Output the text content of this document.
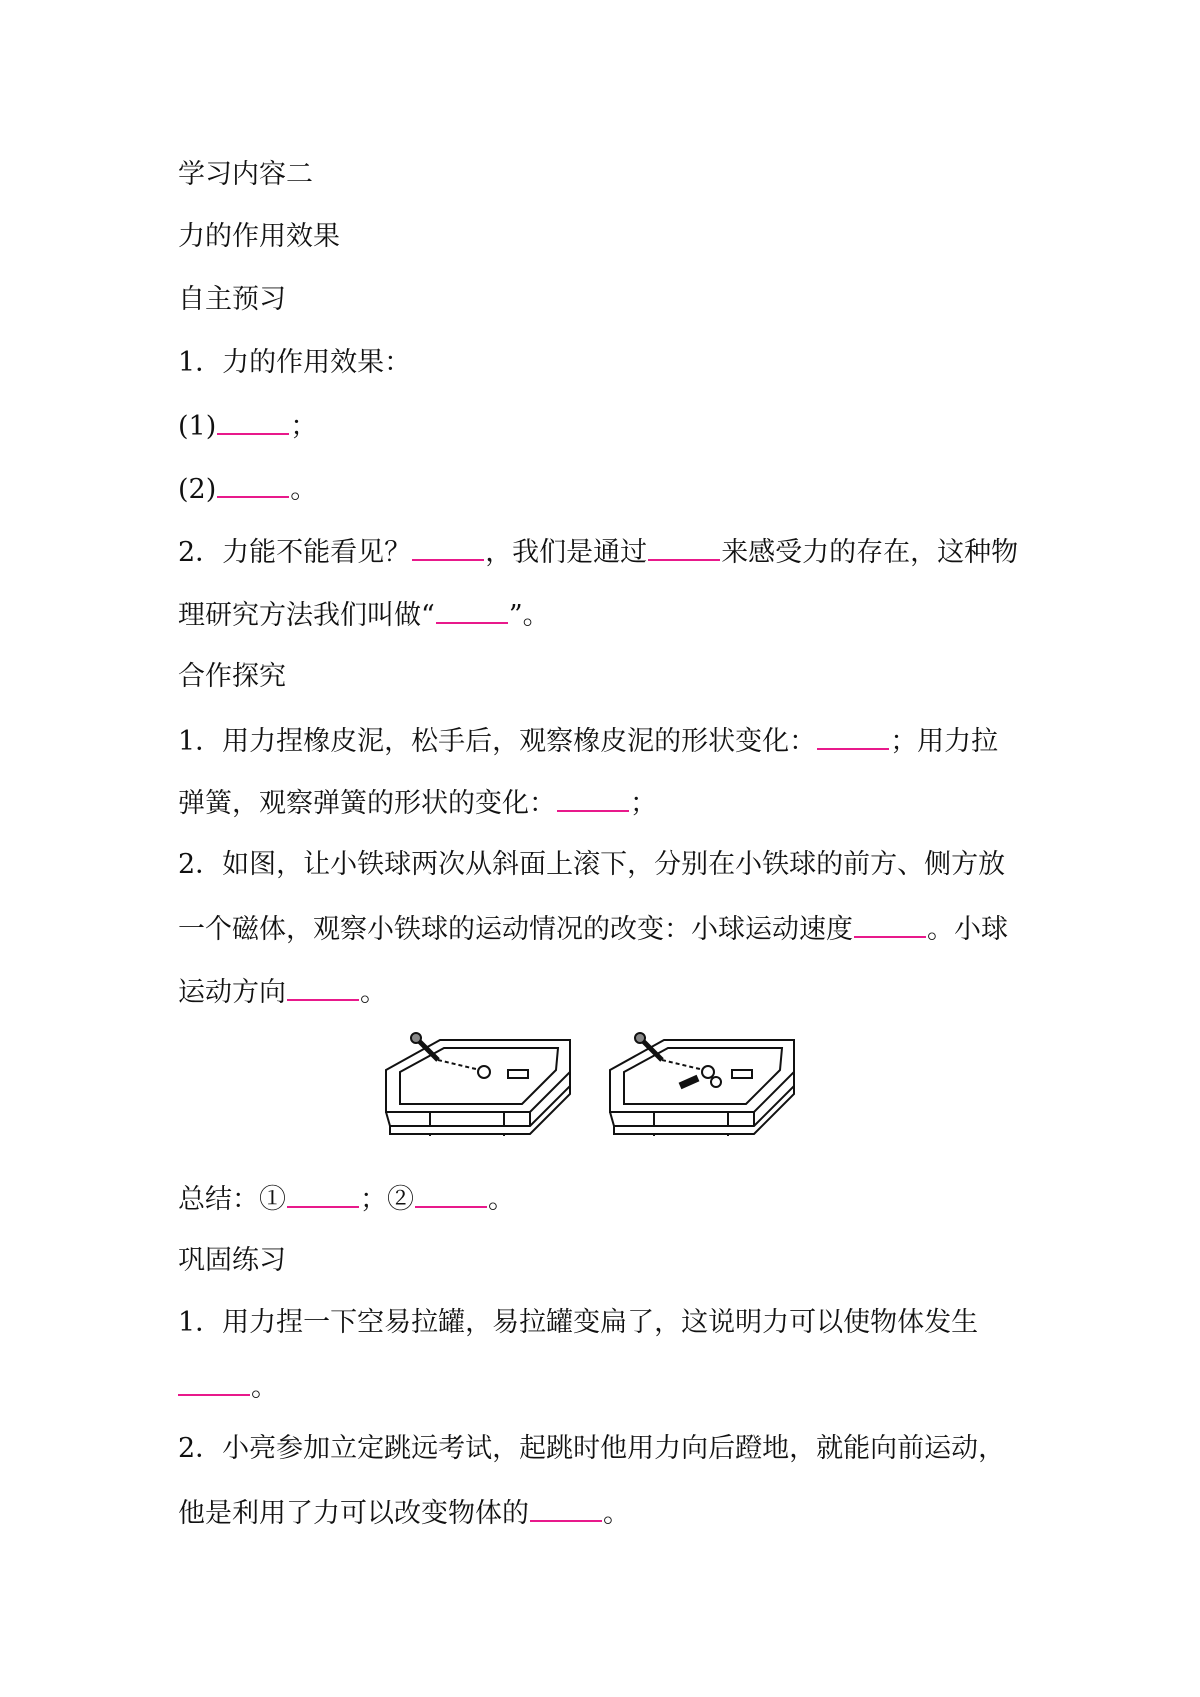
学习内容二
力的作用效果
自主预习
1．力的作用效果：
(1)	；
(2)	。
2．力能不能看见？	，我们是通过	来感受力的存在，这种物
理研究方法我们叫做“	”。
合作探究
1．用力捏橡皮泥，松手后，观察橡皮泥的形状变化：	；用力拉
弹簧，观察弹簧的形状的变化：	；
2．如图，让小铁球两次从斜面上滚下，分别在小铁球的前方、侧方放
一个磁体，观察小铁球的运动情况的改变：小球运动速度	。小球
运动方向	。
总结：①	；②	。
巩固练习
1．用力捏一下空易拉罐，易拉罐变扁了，这说明力可以使物体发生
。
2．小亮参加立定跳远考试，起跳时他用力向后蹬地，就能向前运动，
他是利用了力可以改变物体的	。
